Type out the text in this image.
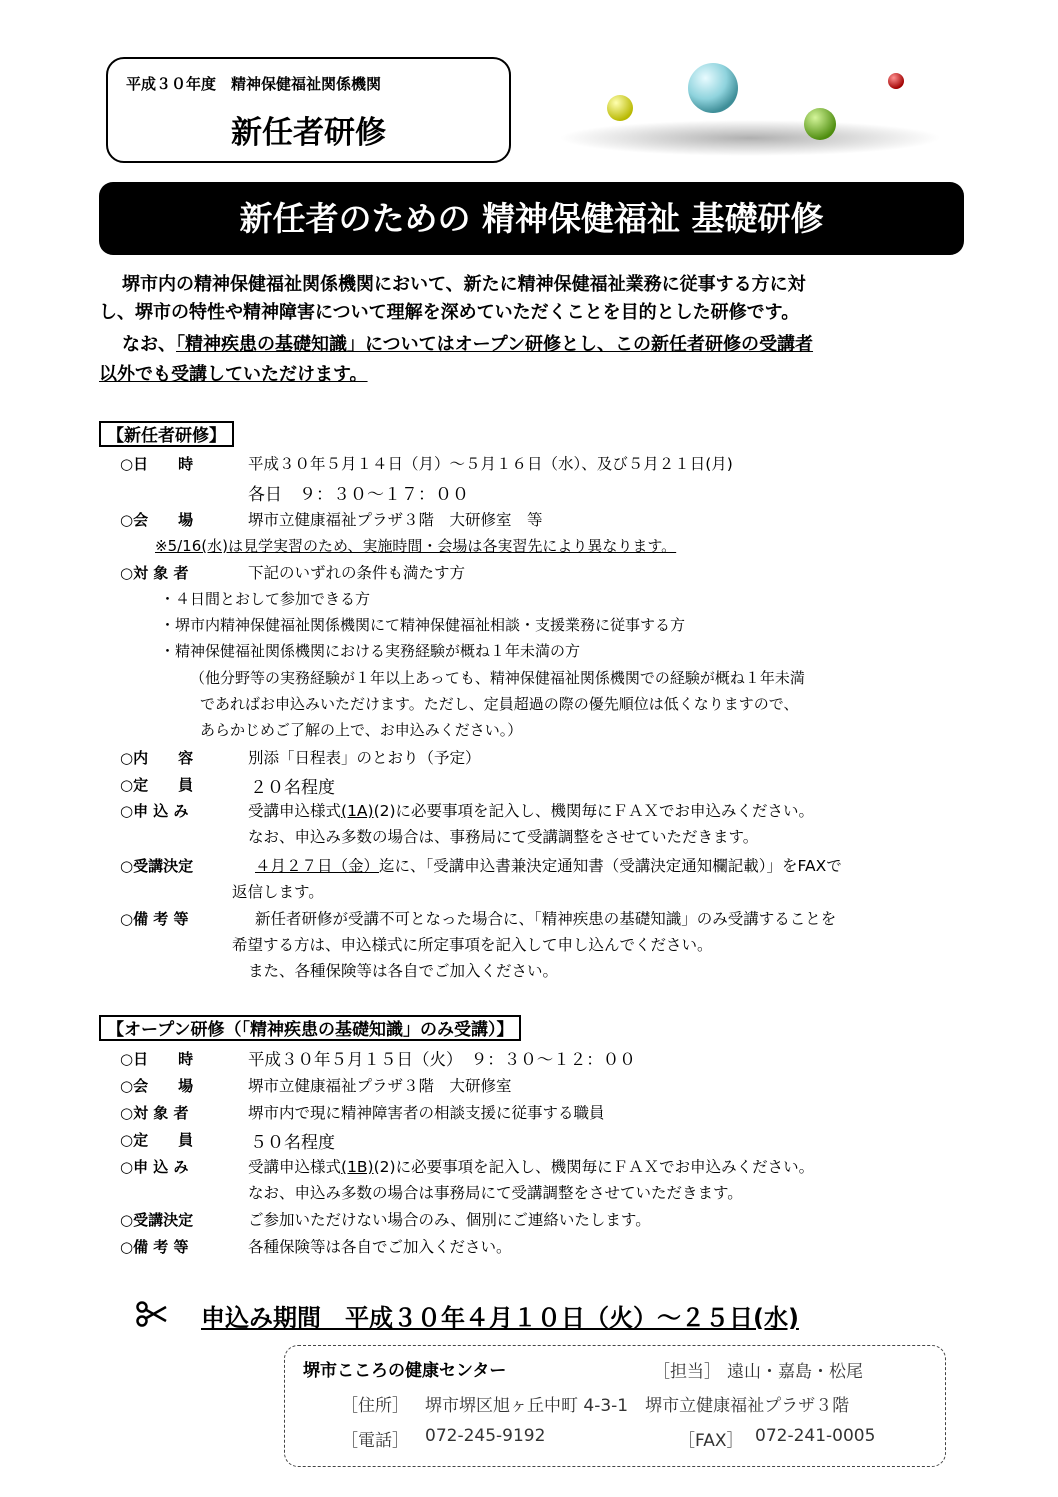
平成３０年度　精神保健福祉関係機関
新任者研修
新任者のための 精神保健福祉 基礎研修
堺市内の精神保健福祉関係機関において、新たに精神保健福祉業務に従事する方に対
し、堺市の特性や精神障害について理解を深めていただくことを目的とした研修です。
なお、「精神疾患の基礎知識」についてはオープン研修とし、この新任者研修の受講者
以外でも受講していただけます。
【新任者研修】
○日　　時	平成３０年５月１４日（月）～５月１６日（水）、及び５月２１日(月)
各日　９：３０～１７：００
○会　　場	堺市立健康福祉プラザ３階　大研修室　等
※5/16(水)は見学実習のため、実施時間・会場は各実習先により異なります。
○対 象 者	下記のいずれの条件も満たす方
・４日間とおして参加できる方
・堺市内精神保健福祉関係機関にて精神保健福祉相談・支援業務に従事する方
・精神保健福祉関係機関における実務経験が概ね１年未満の方
（他分野等の実務経験が１年以上あっても、精神保健福祉関係機関での経験が概ね１年未満
であればお申込みいただけます。ただし、定員超過の際の優先順位は低くなりますので、
あらかじめご了解の上で、お申込みください。）
○内　　容	別添「日程表」のとおり（予定）
○定　　員	２０名程度
○申 込 み	受講申込様式(1A)(2)に必要事項を記入し、機関毎にＦＡＸでお申込みください。
なお、申込み多数の場合は、事務局にて受講調整をさせていただきます。
○受講決定	４月２７日（金）迄に、「受講申込書兼決定通知書（受講決定通知欄記載）」をFAXで
返信します。
○備 考 等	新任者研修が受講不可となった場合に、「精神疾患の基礎知識」のみ受講することを
希望する方は、申込様式に所定事項を記入して申し込んでください。
また、各種保険等は各自でご加入ください。
【オープン研修（「精神疾患の基礎知識」のみ受講）】
○日　　時	平成３０年５月１５日（火）　９：３０～１２：００
○会　　場	堺市立健康福祉プラザ３階　大研修室
○対 象 者	堺市内で現に精神障害者の相談支援に従事する職員
○定　　員	５０名程度
○申 込 み	受講申込様式(1B)(2)に必要事項を記入し、機関毎にＦＡＸでお申込みください。
なお、申込み多数の場合は事務局にて受講調整をさせていただきます。
○受講決定	ご参加いただけない場合のみ、個別にご連絡いたします。
○備 考 等	各種保険等は各自でご加入ください。
申込み期間　平成３０年４月１０日（火）～２５日(水)
堺市こころの健康センター	［担当］ 遠山・嘉島・松尾
［住所］ 堺市堺区旭ヶ丘中町 4-3-1　堺市立健康福祉プラザ３階
［電話］ 072-245-9192	［FAX］ 072-241-0005
